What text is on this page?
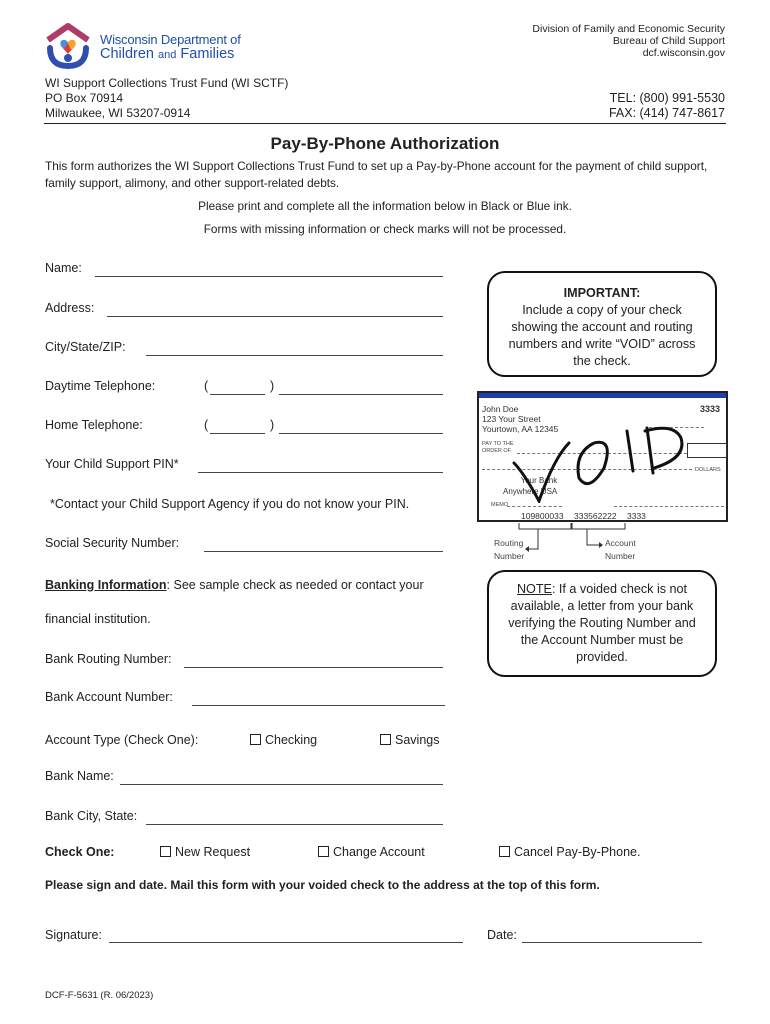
Wisconsin Department of
Children and Families
Division of Family and Economic Security
Bureau of Child Support
dcf.wisconsin.gov
WI Support Collections Trust Fund (WI SCTF)
PO Box 70914
Milwaukee, WI 53207-0914
TEL: (800) 991-5530
FAX: (414) 747-8617
Pay-By-Phone Authorization
This form authorizes the WI Support Collections Trust Fund to set up a Pay-by-Phone account for the payment of child support, family support, alimony, and other support-related debts.
Please print and complete all the information below in Black or Blue ink.
Forms with missing information or check marks will not be processed.
Name:
Address:
City/State/ZIP:
Daytime Telephone:	(	)
Home Telephone:	(	)
Your Child Support PIN*
*Contact your Child Support Agency if you do not know your PIN.
Social Security Number:
Banking Information: See sample check as needed or contact your
financial institution.
Bank Routing Number:
Bank Account Number:
Account Type (Check One):	Checking	Savings
Bank Name:
Bank City, State:
IMPORTANT:
Include a copy of your check showing the account and routing numbers and write “VOID” across the check.
John Doe
123 Your Street
Yourtown, AA 12345
3333
PAY TO THE
ORDER OF
DOLLARS
Your Bank
Anywhere USA
MEMO
109800033 333562222 3333
Routing
Number
Account
Number
NOTE: If a voided check is not available, a letter from your bank verifying the Routing Number and the Account Number must be provided.
Check One:	New Request	Change Account	Cancel Pay-By-Phone.
Please sign and date. Mail this form with your voided check to the address at the top of this form.
Signature:	Date:
DCF-F-5631 (R. 06/2023)
